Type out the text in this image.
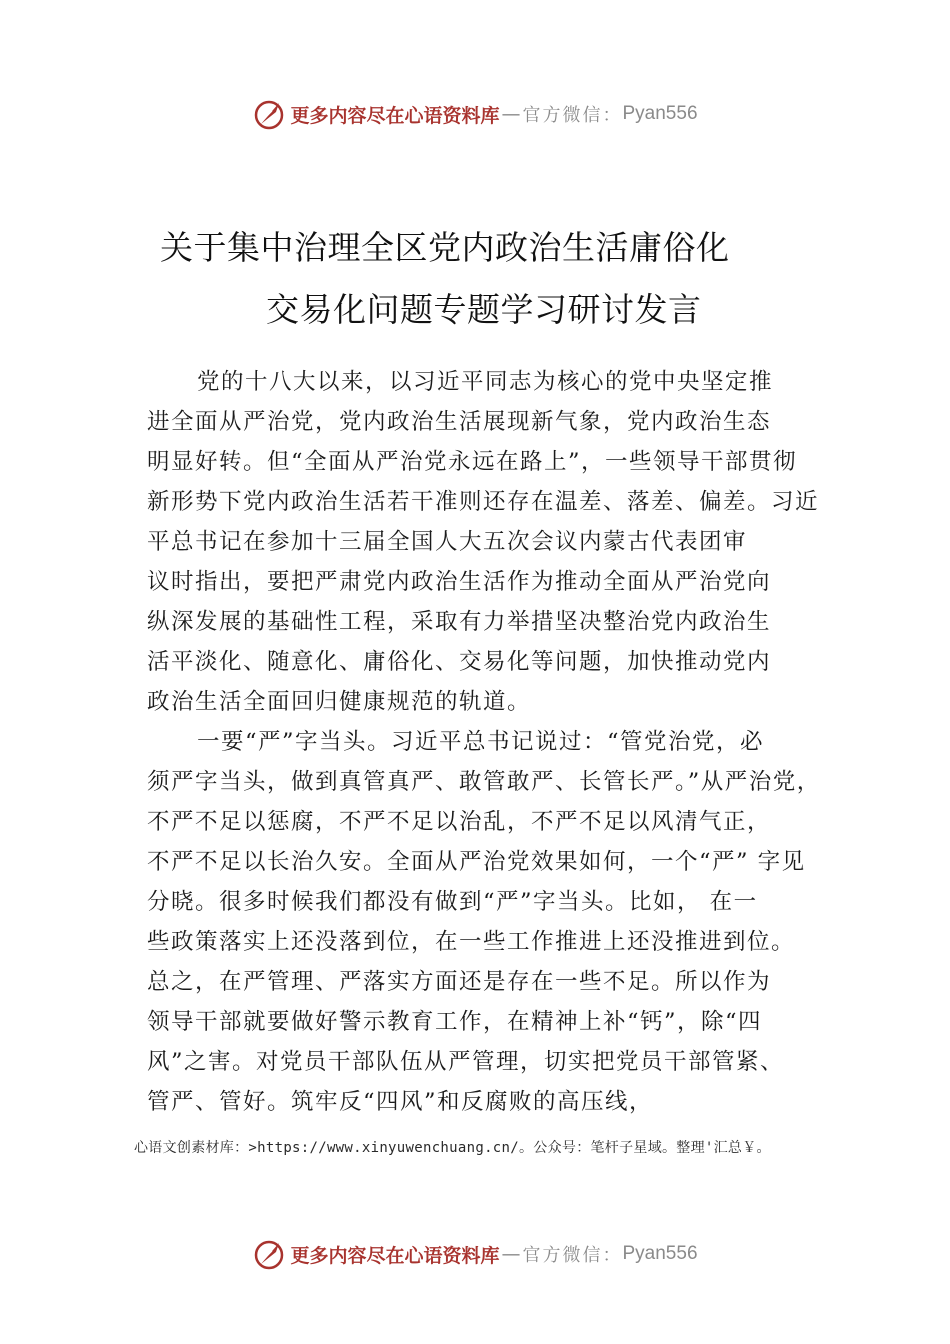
更多内容尽在心语资料库 — 官方微信： Pyan556
关于集中治理全区党内政治生活庸俗化
交易化问题专题学习研讨发言
党的十八大以来，以习近平同志为核心的党中央坚定推
进全面从严治党，党内政治生活展现新气象，党内政治生态
明显好转。但“全面从严治党永远在路上”，一些领导干部贯彻
新形势下党内政治生活若干准则还存在温差、落差、偏差。习近
平总书记在参加十三届全国人大五次会议内蒙古代表团审
议时指出，要把严肃党内政治生活作为推动全面从严治党向
纵深发展的基础性工程，采取有力举措坚决整治党内政治生
活平淡化、随意化、庸俗化、交易化等问题，加快推动党内
政治生活全面回归健康规范的轨道。
一要“严”字当头。习近平总书记说过：“管党治党，必
须严字当头，做到真管真严、敢管敢严、长管长严。”从严治党，
不严不足以惩腐，不严不足以治乱，不严不足以风清气正，
不严不足以长治久安。全面从严治党效果如何，一个“严” 字见
分晓。很多时候我们都没有做到“严”字当头。比如， 在一
些政策落实上还没落到位，在一些工作推进上还没推进到位。
总之，在严管理、严落实方面还是存在一些不足。所以作为
领导干部就要做好警示教育工作，在精神上补“钙”，除“四
风”之害。对党员干部队伍从严管理，切实把党员干部管紧、
管严、管好。筑牢反“四风”和反腐败的高压线，
心语文创素材库：>https://www.xinyuwenchuang.cn/。公众号：笔杆子星域。整理'汇总￥。
更多内容尽在心语资料库 — 官方微信： Pyan556
